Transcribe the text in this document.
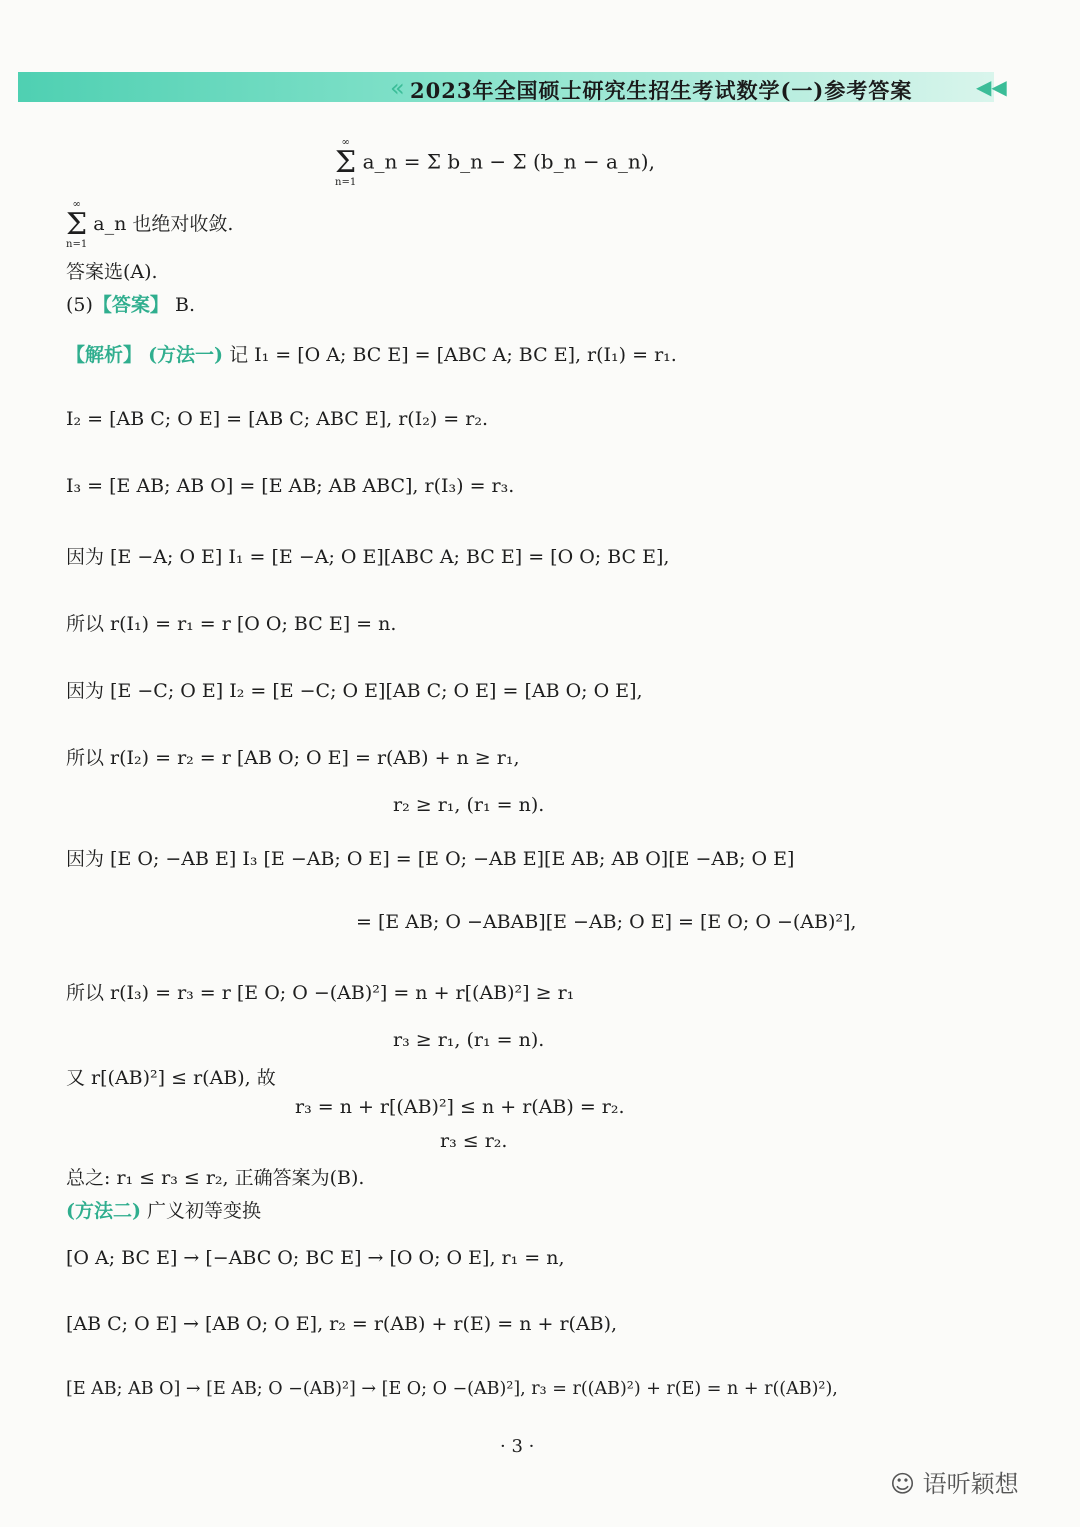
« 2023年全国硕士研究生招生考试数学(一)参考答案	◀◀
∞
Σ
n=1
a_n = Σ b_n − Σ (b_n − a_n),
∞
Σ
n=1
a_n 也绝对收敛.
答案选(A).
(5)【答案】 B.
【解析】 (方法一) 记 I₁ = [O A; BC E] = [ABC A; BC E], r(I₁) = r₁.
I₂ = [AB C; O E] = [AB C; ABC E], r(I₂) = r₂.
I₃ = [E AB; AB O] = [E AB; AB ABC], r(I₃) = r₃.
因为 [E −A; O E] I₁ = [E −A; O E][ABC A; BC E] = [O O; BC E],
所以 r(I₁) = r₁ = r [O O; BC E] = n.
因为 [E −C; O E] I₂ = [E −C; O E][AB C; O E] = [AB O; O E],
所以 r(I₂) = r₂ = r [AB O; O E] = r(AB) + n ≥ r₁,
r₂ ≥ r₁, (r₁ = n).
因为 [E O; −AB E] I₃ [E −AB; O E] = [E O; −AB E][E AB; AB O][E −AB; O E]
= [E AB; O −ABAB][E −AB; O E] = [E O; O −(AB)²],
所以 r(I₃) = r₃ = r [E O; O −(AB)²] = n + r[(AB)²] ≥ r₁
r₃ ≥ r₁, (r₁ = n).
又 r[(AB)²] ≤ r(AB), 故
r₃ = n + r[(AB)²] ≤ n + r(AB) = r₂.
r₃ ≤ r₂.
总之: r₁ ≤ r₃ ≤ r₂, 正确答案为(B).
(方法二) 广义初等变换
[O A; BC E] → [−ABC O; BC E] → [O O; O E], r₁ = n,
[AB C; O E] → [AB O; O E], r₂ = r(AB) + r(E) = n + r(AB),
[E AB; AB O] → [E AB; O −(AB)²] → [E O; O −(AB)²], r₃ = r((AB)²) + r(E) = n + r((AB)²),
· 3 ·
☺ 语听颖想
